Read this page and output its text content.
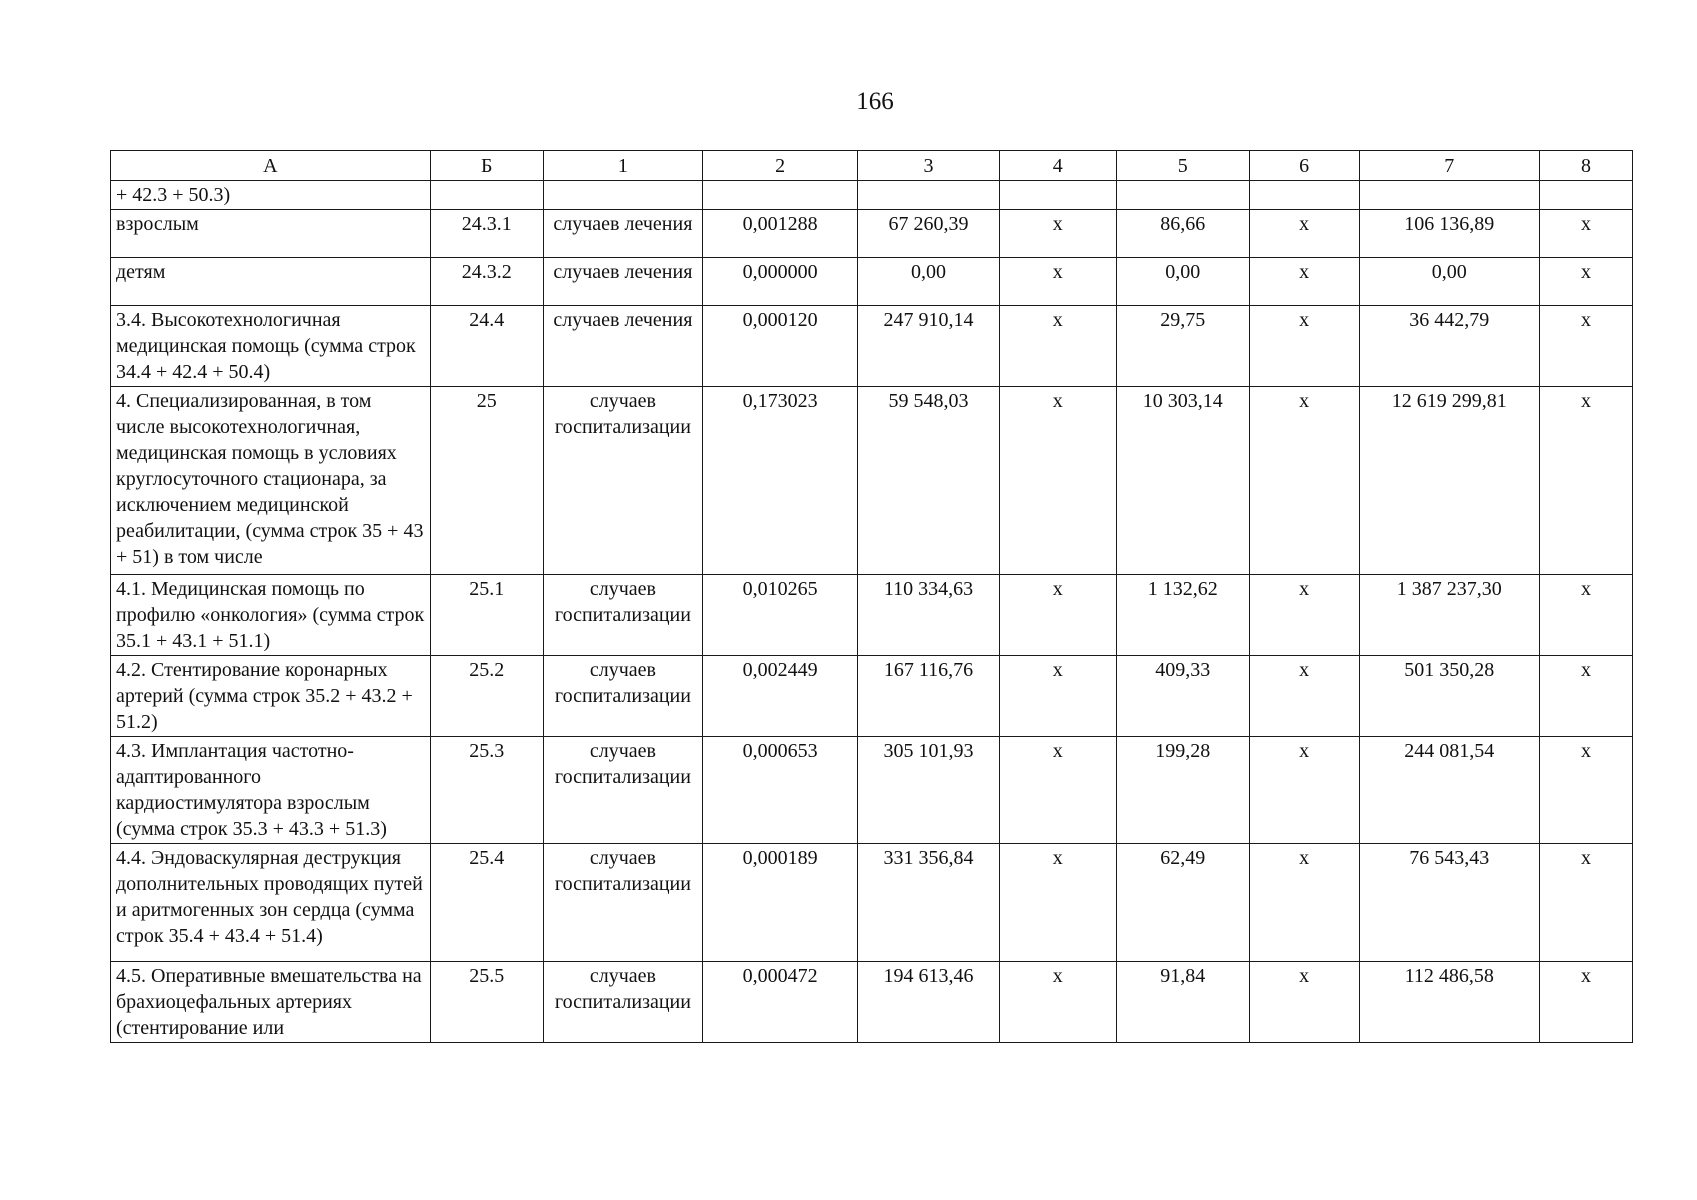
166
А	Б	1	2	3	4	5	6	7	8
+ 42.3 + 50.3)									
взрослым	24.3.1	случаев лечения	0,001288	67 260,39	x	86,66	x	106 136,89	x
детям	24.3.2	случаев лечения	0,000000	0,00	x	0,00	x	0,00	x
3.4. Высокотехнологичная медицинская помощь (сумма строк 34.4 + 42.4 + 50.4)	24.4	случаев лечения	0,000120	247 910,14	x	29,75	x	36 442,79	x
4. Специализированная, в том числе высокотехнологичная, медицинская помощь в условиях круглосуточного стационара, за исключением медицинской реабилитации, (сумма строк 35 + 43 + 51) в том числе	25	случаев госпитализации	0,173023	59 548,03	x	10 303,14	x	12 619 299,81	x
4.1. Медицинская помощь по профилю «онкология» (сумма строк 35.1 + 43.1 + 51.1)	25.1	случаев госпитализации	0,010265	110 334,63	x	1 132,62	x	1 387 237,30	x
4.2. Стентирование коронарных артерий (сумма строк 35.2 + 43.2 + 51.2)	25.2	случаев госпитализации	0,002449	167 116,76	x	409,33	x	501 350,28	x
4.3. Имплантация частотно-адаптированного кардиостимулятора взрослым (сумма строк 35.3 + 43.3 + 51.3)	25.3	случаев госпитализации	0,000653	305 101,93	x	199,28	x	244 081,54	x
4.4. Эндоваскулярная деструкция дополнительных проводящих путей и аритмогенных зон сердца (сумма строк 35.4 + 43.4 + 51.4)	25.4	случаев госпитализации	0,000189	331 356,84	x	62,49	x	76 543,43	x
4.5. Оперативные вмешательства на брахиоцефальных артериях (стентирование или	25.5	случаев госпитализации	0,000472	194 613,46	x	91,84	x	112 486,58	x
